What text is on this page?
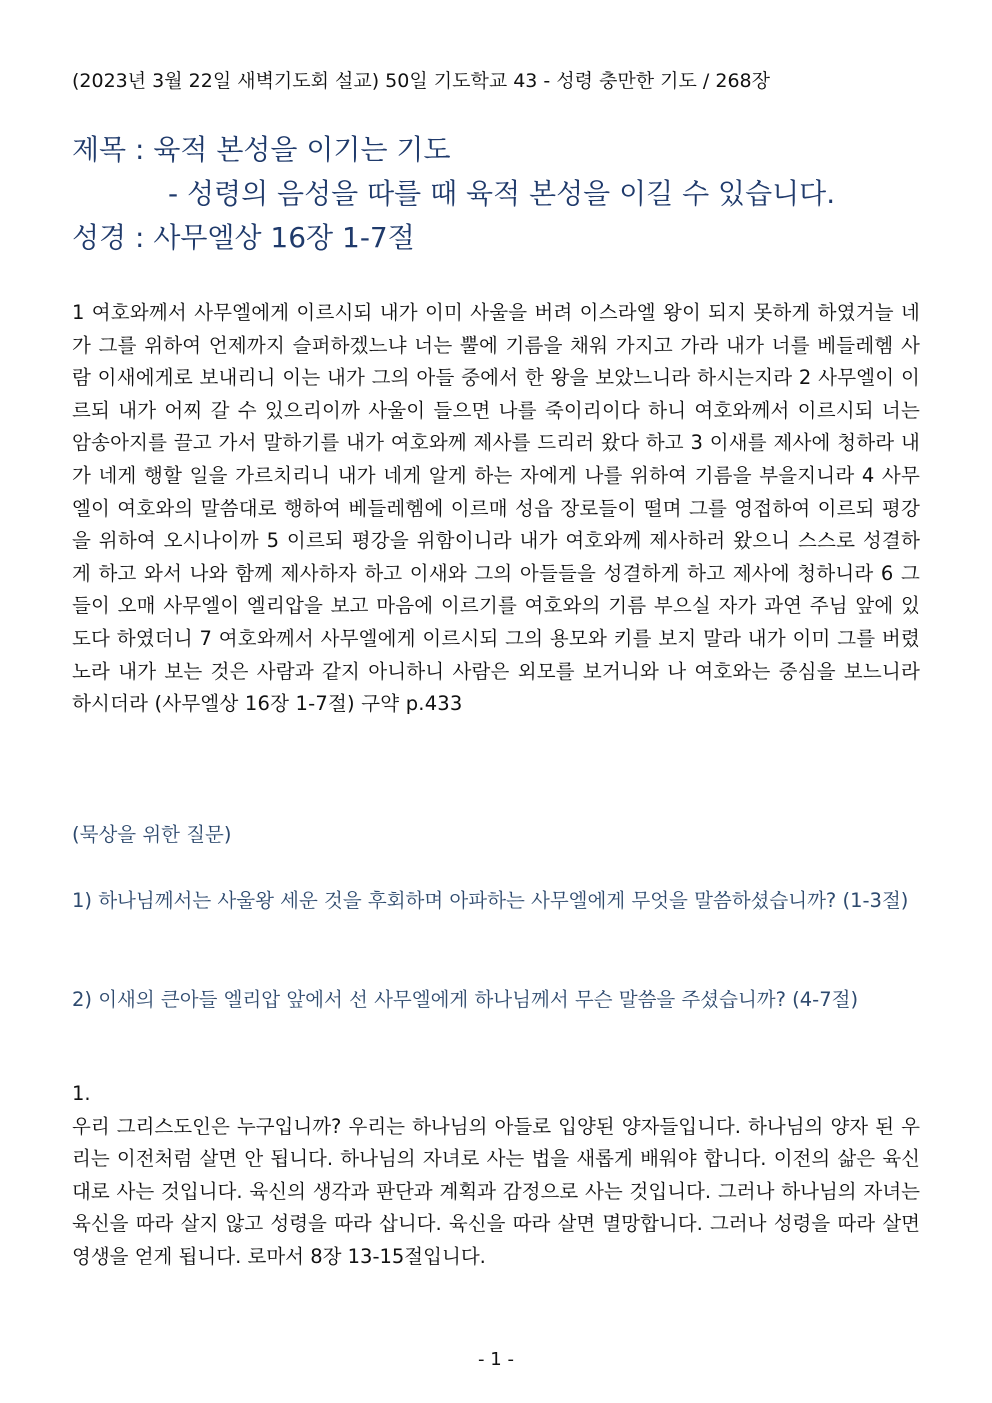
(2023년 3월 22일 새벽기도회 설교) 50일 기도학교 43 - 성령 충만한 기도 / 268장
제목 : 육적 본성을 이기는 기도
- 성령의 음성을 따를 때 육적 본성을 이길 수 있습니다.
성경 : 사무엘상 16장 1-7절
1 여호와께서 사무엘에게 이르시되 내가 이미 사울을 버려 이스라엘 왕이 되지 못하게 하였거늘 네가 그를 위하여 언제까지 슬퍼하겠느냐 너는 뿔에 기름을 채워 가지고 가라 내가 너를 베들레헴 사람 이새에게로 보내리니 이는 내가 그의 아들 중에서 한 왕을 보았느니라 하시는지라 2 사무엘이 이르되 내가 어찌 갈 수 있으리이까 사울이 들으면 나를 죽이리이다 하니 여호와께서 이르시되 너는 암송아지를 끌고 가서 말하기를 내가 여호와께 제사를 드리러 왔다 하고 3 이새를 제사에 청하라 내가 네게 행할 일을 가르치리니 내가 네게 알게 하는 자에게 나를 위하여 기름을 부을지니라 4 사무엘이 여호와의 말씀대로 행하여 베들레헴에 이르매 성읍 장로들이 떨며 그를 영접하여 이르되 평강을 위하여 오시나이까 5 이르되 평강을 위함이니라 내가 여호와께 제사하러 왔으니 스스로 성결하게 하고 와서 나와 함께 제사하자 하고 이새와 그의 아들들을 성결하게 하고 제사에 청하니라 6 그들이 오매 사무엘이 엘리압을 보고 마음에 이르기를 여호와의 기름 부으실 자가 과연 주님 앞에 있도다 하였더니 7 여호와께서 사무엘에게 이르시되 그의 용모와 키를 보지 말라 내가 이미 그를 버렸노라 내가 보는 것은 사람과 같지 아니하니 사람은 외모를 보거니와 나 여호와는 중심을 보느니라 하시더라 (사무엘상 16장 1-7절) 구약 p.433
(묵상을 위한 질문)
1) 하나님께서는 사울왕 세운 것을 후회하며 아파하는 사무엘에게 무엇을 말씀하셨습니까? (1-3절)
2) 이새의 큰아들 엘리압 앞에서 선 사무엘에게 하나님께서 무슨 말씀을 주셨습니까? (4-7절)
1.
우리 그리스도인은 누구입니까? 우리는 하나님의 아들로 입양된 양자들입니다. 하나님의 양자 된 우리는 이전처럼 살면 안 됩니다. 하나님의 자녀로 사는 법을 새롭게 배워야 합니다. 이전의 삶은 육신대로 사는 것입니다. 육신의 생각과 판단과 계획과 감정으로 사는 것입니다. 그러나 하나님의 자녀는 육신을 따라 살지 않고 성령을 따라 삽니다. 육신을 따라 살면 멸망합니다. 그러나 성령을 따라 살면 영생을 얻게 됩니다. 로마서 8장 13-15절입니다.
- 1 -
